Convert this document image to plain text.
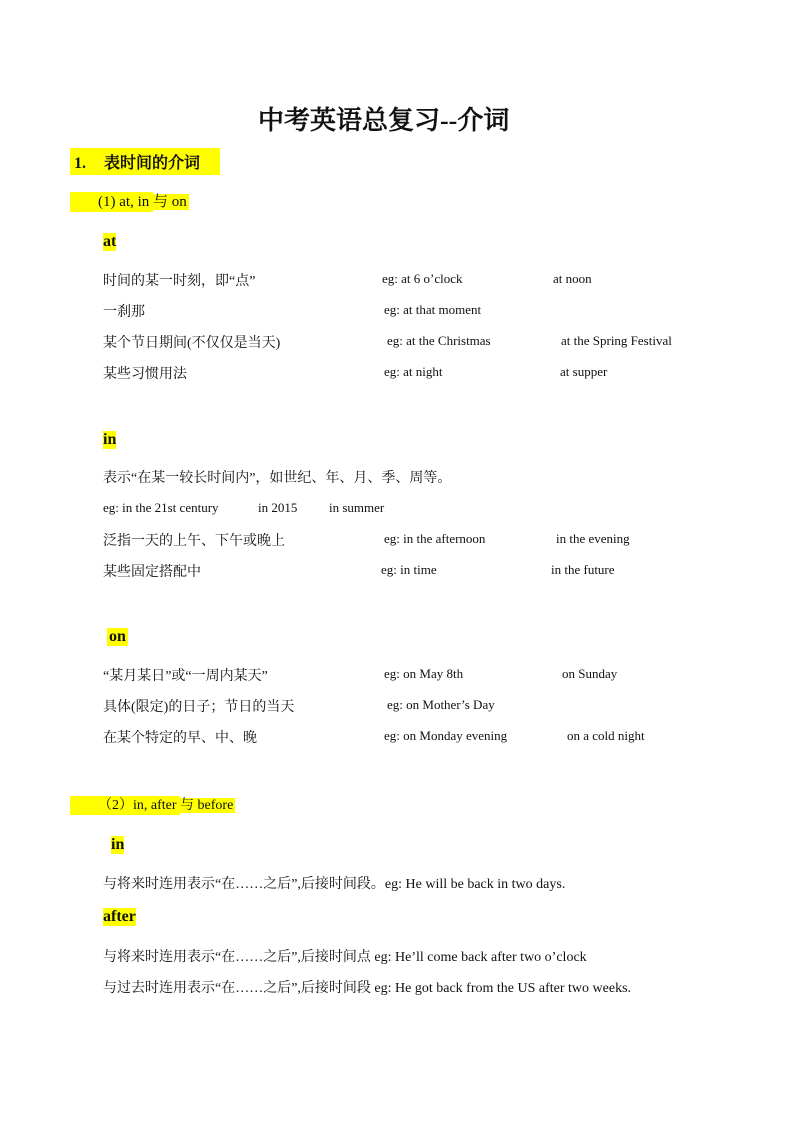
中考英语总复习--介词
1. 表时间的介词
(1) at, in 与 on
at
时间的某一时刻，即“点”	eg: at 6 o’clock	at noon
一刹那	eg: at that moment
某个节日期间(不仅仅是当天)	eg: at the Christmas	at the Spring Festival
某些习惯用法	eg: at night	at supper
in
表示“在某一较长时间内”，如世纪、年、月、季、周等。
eg: in the 21st century	in 2015 in summer
泛指一天的上午、下午或晚上	eg: in the afternoon	in the evening
某些固定搭配中	eg: in time	in the future
on
“某月某日”或“一周内某天”	eg: on May 8th	on Sunday
具体(限定)的日子；节日的当天	eg: on Mother’s Day
在某个特定的早、中、晚	eg: on Monday evening	on a cold night
（2）in, after 与 before
in
与将来时连用表示“在……之后”,后接时间段。eg: He will be back in two days.
after
与将来时连用表示“在……之后”,后接时间点 eg: He’ll come back after two o’clock
与过去时连用表示“在……之后”,后接时间段 eg: He got back from the US after two weeks.
